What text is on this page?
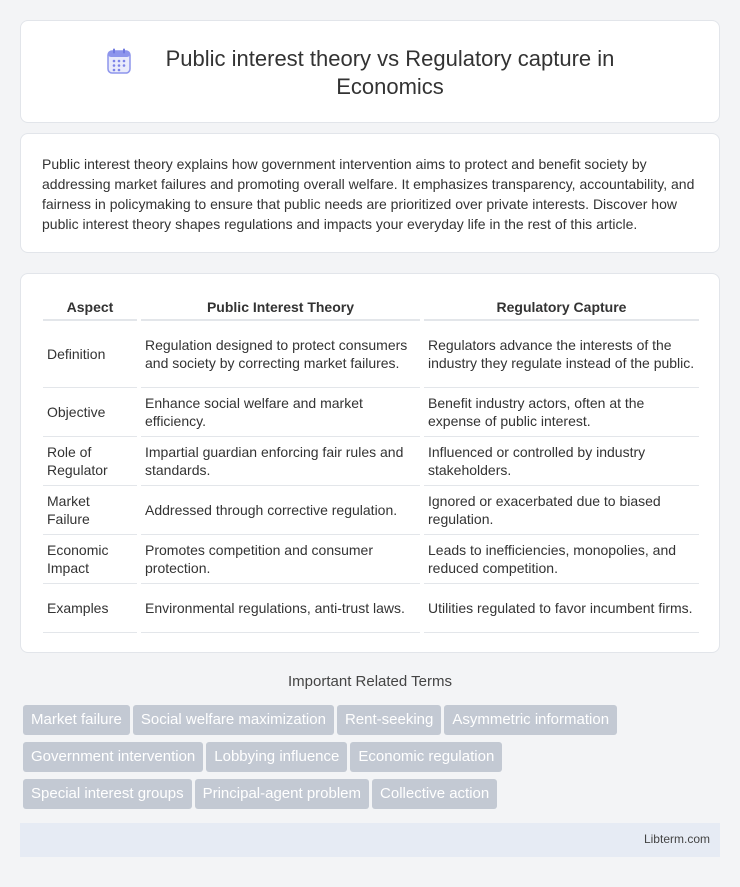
Public interest theory vs Regulatory capture in Economics

Public interest theory explains how government intervention aims to protect and benefit society by addressing market failures and promoting overall welfare. It emphasizes transparency, accountability, and fairness in policymaking to ensure that public needs are prioritized over private interests. Discover how public interest theory shapes regulations and impacts your everyday life in the rest of this article.

Aspect	Public Interest Theory	Regulatory Capture
Definition	Regulation designed to protect consumers and society by correcting market failures.	Regulators advance the interests of the industry they regulate instead of the public.
Objective	Enhance social welfare and market efficiency.	Benefit industry actors, often at the expense of public interest.
Role of Regulator	Impartial guardian enforcing fair rules and standards.	Influenced or controlled by industry stakeholders.
Market Failure	Addressed through corrective regulation.	Ignored or exacerbated due to biased regulation.
Economic Impact	Promotes competition and consumer protection.	Leads to inefficiencies, monopolies, and reduced competition.
Examples	Environmental regulations, anti-trust laws.	Utilities regulated to favor incumbent firms.
Important Related Terms
Market failure Social welfare maximization Rent-seeking Asymmetric information
Government intervention Lobbying influence Economic regulation
Special interest groups Principal-agent problem Collective action
Libterm.com
